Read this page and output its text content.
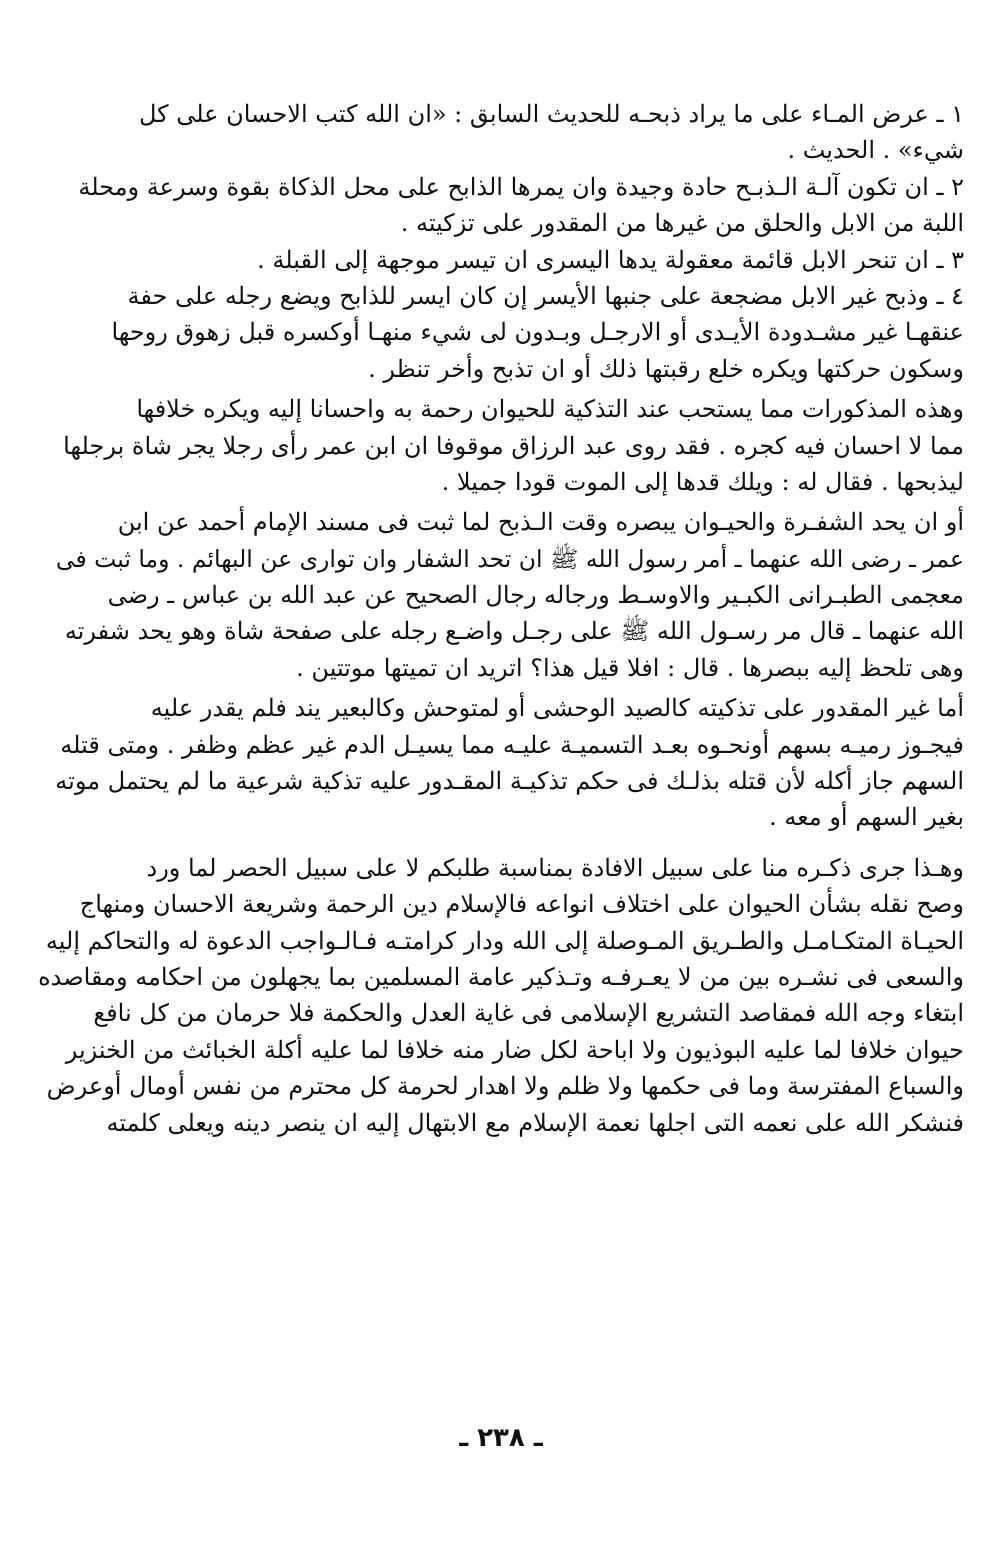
١ ـ عرض المـاء على ما يراد ذبحـه للحديث السابق : «ان الله كتب الاحسان على كل
شيء» . الحديث .
٢ ـ ان تكون آلـة الـذبـح حادة وجيدة وان يمرها الذابح على محل الذكاة بقوة وسرعة ومحلة
اللبة من الابل والحلق من غيرها من المقدور على تزكيته .
٣ ـ ان تنحر الابل قائمة معقولة يدها اليسرى ان تيسر موجهة إلى القبلة .
٤ ـ وذبح غير الابل مضجعة على جنبها الأيسر إن كان ايسر للذابح ويضع رجله على حفة
عنقهـا غير مشـدودة الأيـدى أو الارجـل وبـدون لى شيء منهـا أوكسره قبل زهوق روحها
وسكون حركتها ويكره خلع رقبتها ذلك أو ان تذبح وأخر تنظر .
وهذه المذكورات مما يستحب عند التذكية للحيوان رحمة به واحسانا إليه ويكره خلافها
مما لا احسان فيه كجره . فقد روى عبد الرزاق موقوفا ان ابن عمر رأى رجلا يجر شاة برجلها
ليذبحها . فقال له : ويلك قدها إلى الموت قودا جميلا .
أو ان يحد الشفـرة والحيـوان يبصره وقت الـذبح لما ثبت فى مسند الإمام أحمد عن ابن
عمر ـ رضى الله عنهما ـ أمر رسول الله ﷺ ان تحد الشفار وان توارى عن البهائم . وما ثبت فى
معجمى الطبـرانى الكبـير والاوسـط ورجاله رجال الصحيح عن عبد الله بن عباس ـ رضى
الله عنهما ـ قال مر رسـول الله ﷺ على رجـل واضـع رجله على صفحة شاة وهو يحد شفرته
وهى تلحظ إليه ببصرها . قال : افلا قيل هذا؟ اتريد ان تميتها موتتين .
أما غير المقدور على تذكيته كالصيد الوحشى أو لمتوحش وكالبعير يند فلم يقدر عليه
فيجـوز رميـه بسهم أونحـوه بعـد التسميـة عليـه مما يسيـل الدم غير عظم وظفر . ومتى قتله
السهم جاز أكله لأن قتله بذلـك فى حكم تذكيـة المقـدور عليه تذكية شرعية ما لم يحتمل موته
بغير السهم أو معه .
وهـذا جرى ذكـره منا على سبيل الافادة بمناسبة طلبكم لا على سبيل الحصر لما ورد
وصح نقله بشأن الحيوان على اختلاف انواعه فالإسلام دين الرحمة وشريعة الاحسان ومنهاج
الحيـاة المتكـامـل والطـريق المـوصلة إلى الله ودار كرامتـه فـالـواجب الدعوة له والتحاكم إليه
والسعى فى نشـره بين من لا يعـرفـه وتـذكير عامة المسلمين بما يجهلون من احكامه ومقاصده
ابتغاء وجه الله فمقاصد التشريع الإسلامى فى غاية العدل والحكمة فلا حرمان من كل نافع
حيوان خلافا لما عليه البوذيون ولا اباحة لكل ضار منه خلافا لما عليه أكلة الخبائث من الخنزير
والسباع المفترسة وما فى حكمها ولا ظلم ولا اهدار لحرمة كل محترم من نفس أومال أوعرض
فنشكر الله على نعمه التى اجلها نعمة الإسلام مع الابتهال إليه ان ينصر دينه ويعلى كلمته
ـ ٢٣٨ ـ
